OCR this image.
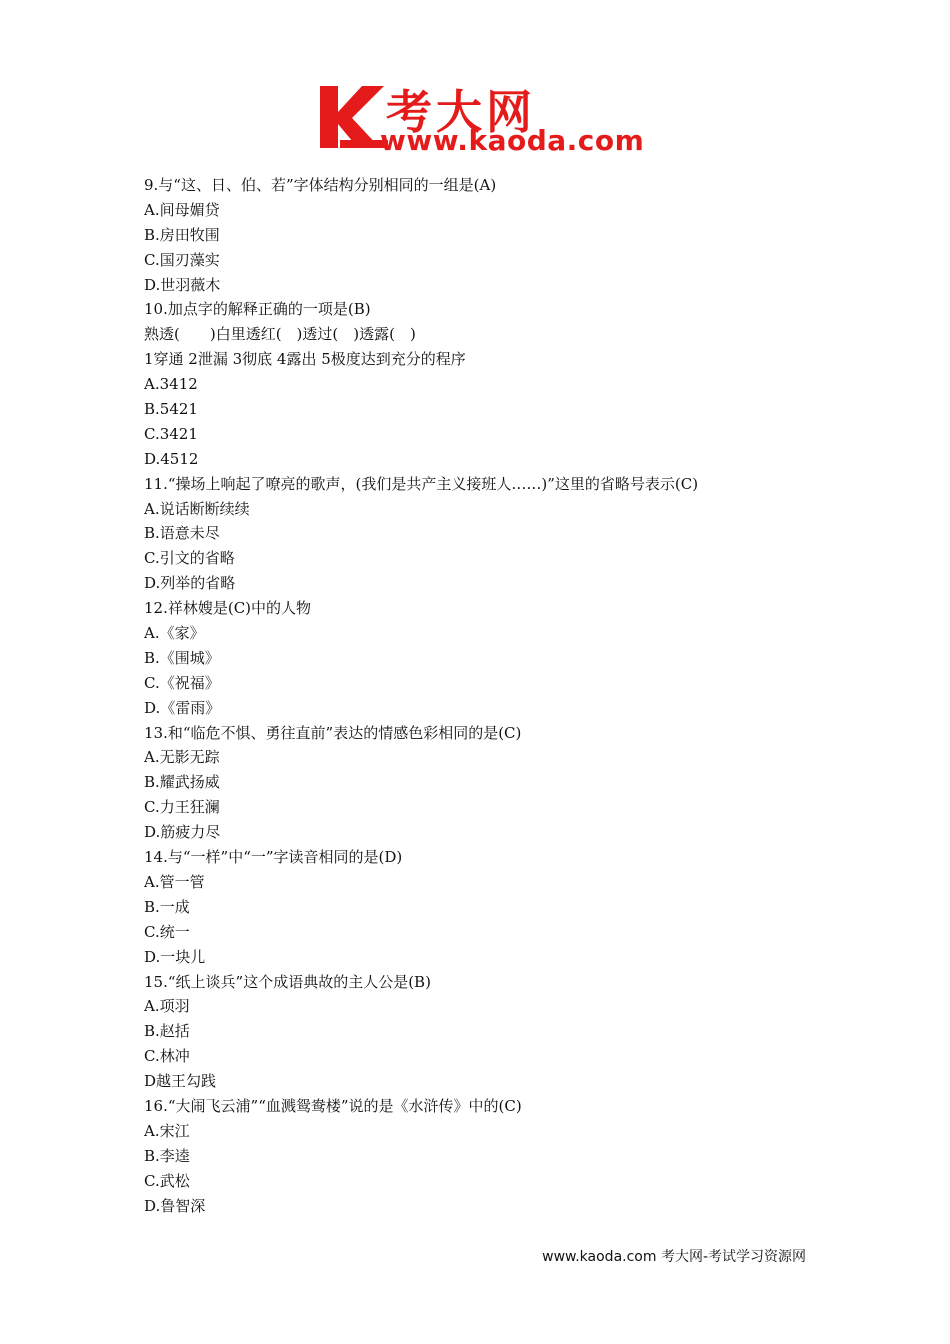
考大网
www.kaoda.com
9.与“这、日、伯、若”字体结构分别相同的一组是(A)
A.间母媚贷
B.房田牧围
C.国刃藻实
D.世羽薇木
10.加点字的解释正确的一项是(B)
熟透(　　)白里透红(　)透过(　)透露(　)
1穿通 2泄漏 3彻底 4露出 5极度达到充分的程序
A.3412
B.5421
C.3421
D.4512
11.“操场上响起了嘹亮的歌声，(我们是共产主义接班人……)”这里的省略号表示(C)
A.说话断断续续
B.语意未尽
C.引文的省略
D.列举的省略
12.祥林嫂是(C)中的人物
A.《家》
B.《围城》
C.《祝福》
D.《雷雨》
13.和“临危不惧、勇往直前”表达的情感色彩相同的是(C)
A.无影无踪
B.耀武扬威
C.力王狂澜
D.筋疲力尽
14.与“一样”中“一”字读音相同的是(D)
A.管一管
B.一成
C.统一
D.一块儿
15.“纸上谈兵”这个成语典故的主人公是(B)
A.项羽
B.赵括
C.林冲
D越王勾践
16.“大闹飞云浦”“血溅鸳鸯楼”说的是《水浒传》中的(C)
A.宋江
B.李逵
C.武松
D.鲁智深
www.kaoda.com 考大网-考试学习资源网
